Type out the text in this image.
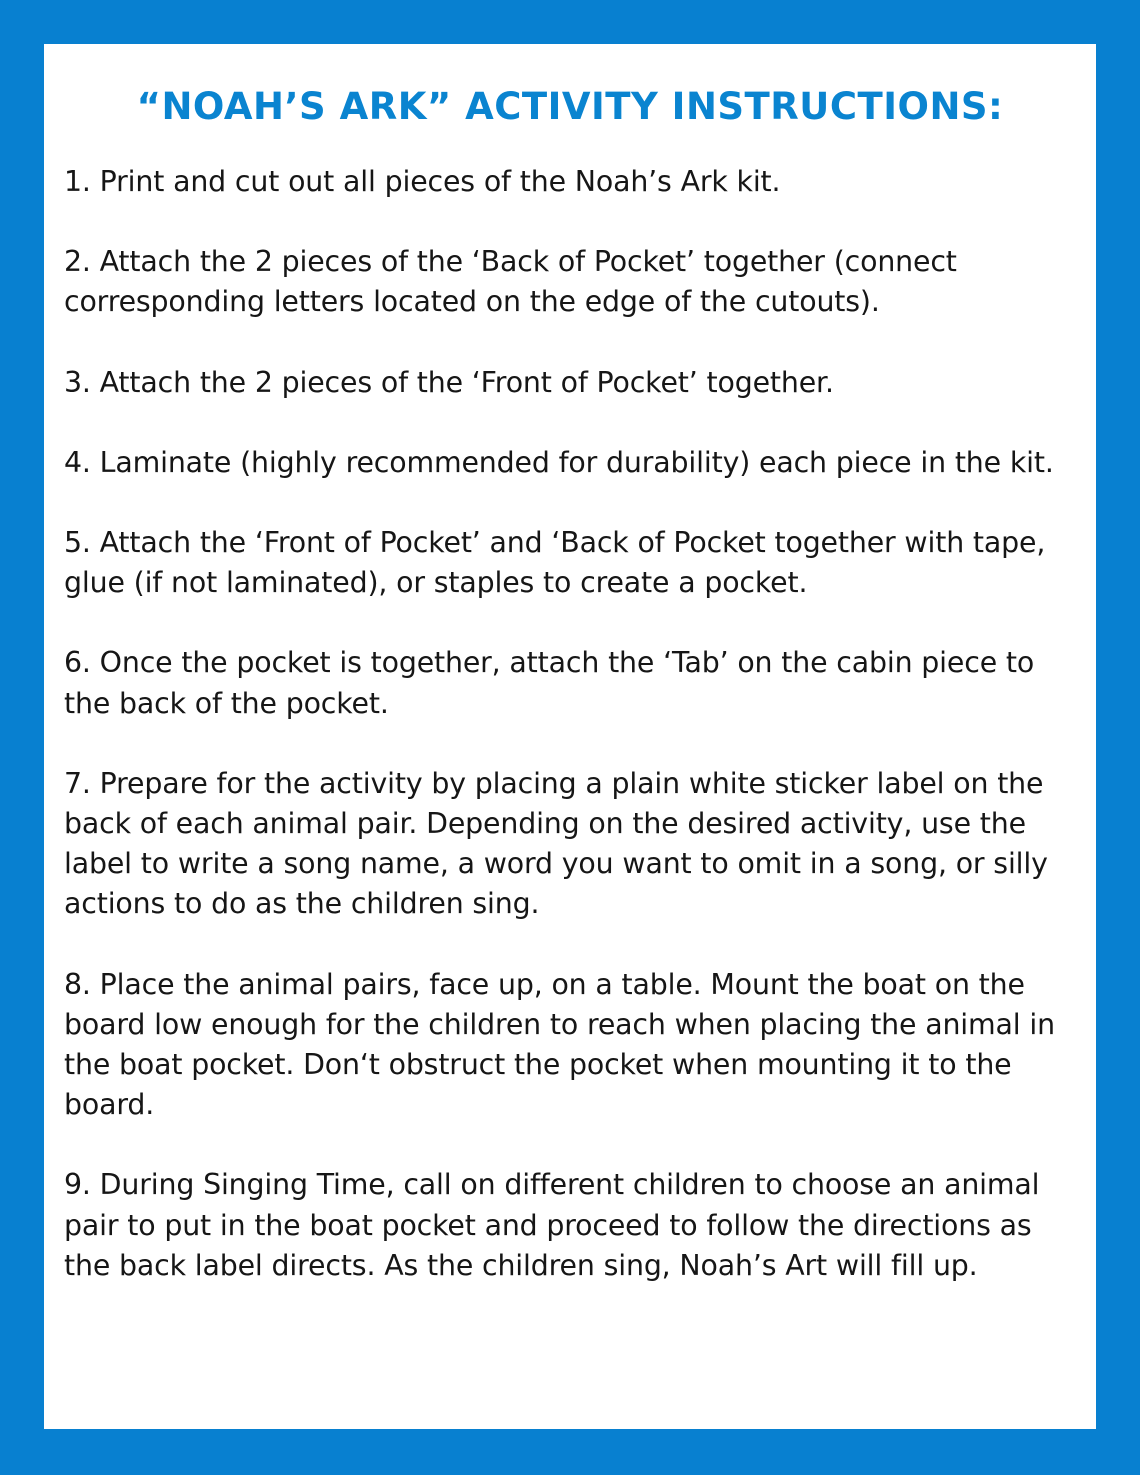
“NOAH’S ARK” ACTIVITY INSTRUCTIONS:
1. Print and cut out all pieces of the Noah’s Ark kit.
2. Attach the 2 pieces of the ‘Back of Pocket’ together (connect corresponding letters located on the edge of the cutouts).
3. Attach the 2 pieces of the ‘Front of Pocket’ together.
4. Laminate (highly recommended for durability) each piece in the kit.
5. Attach the ‘Front of Pocket’ and ‘Back of Pocket together with tape, glue (if not laminated), or staples to create a pocket.
6. Once the pocket is together, attach the ‘Tab’ on the cabin piece to the back of the pocket.
7. Prepare for the activity by placing a plain white sticker label on the back of each animal pair. Depending on the desired activity, use the label to write a song name, a word you want to omit in a song, or silly actions to do as the children sing.
8. Place the animal pairs, face up, on a table. Mount the boat on the board low enough for the children to reach when placing the animal in the boat pocket. Don‘t obstruct the pocket when mounting it to the board.
9. During Singing Time, call on different children to choose an animal pair to put in the boat pocket and proceed to follow the directions as the back label directs. As the children sing, Noah’s Art will fill up.
